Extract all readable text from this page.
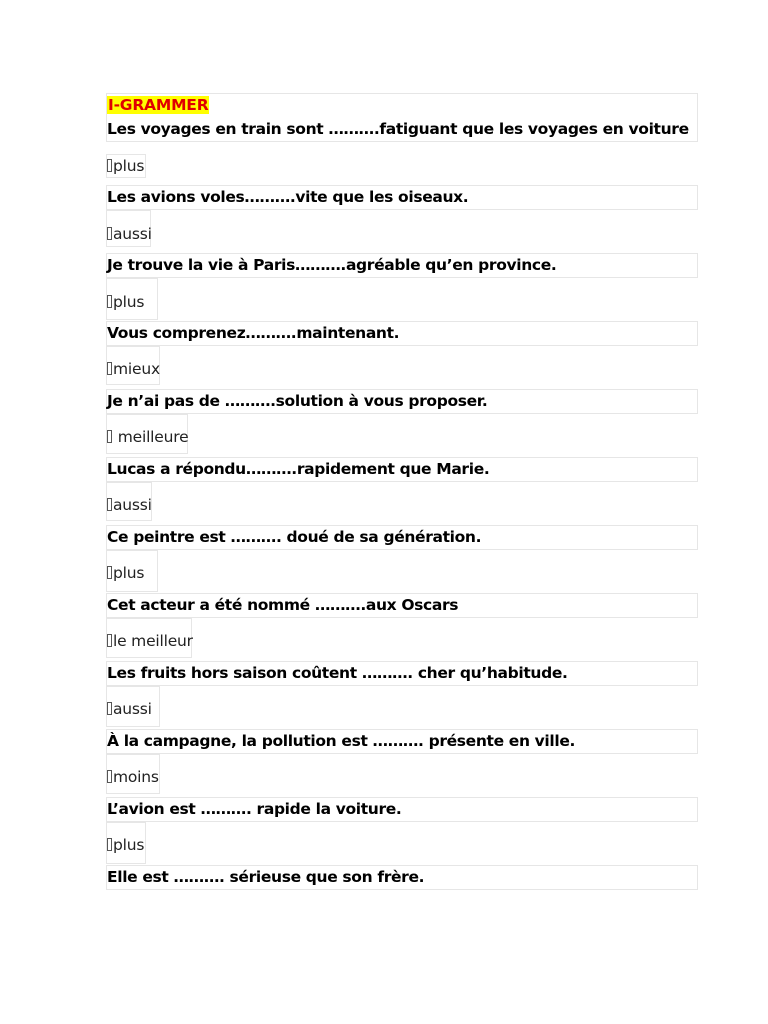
I-GRAMMER
Les voyages en train sont ……….fatiguant que les voyages en voiture
plus
Les avions voles……….vite que les oiseaux.
aussi
Je trouve la vie à Paris……….agréable qu’en province.
plus
Vous comprenez……….maintenant.
mieux
Je n’ai pas de ……….solution à vous proposer.
meilleure
Lucas a répondu……….rapidement que Marie.
aussi
Ce peintre est ………. doué de sa génération.
plus
Cet acteur a été nommé ……….aux Oscars
le meilleur
Les fruits hors saison coûtent ………. cher qu’habitude.
aussi
À la campagne, la pollution est ………. présente en ville.
moins
L’avion est ………. rapide la voiture.
plus
Elle est ………. sérieuse que son frère.
